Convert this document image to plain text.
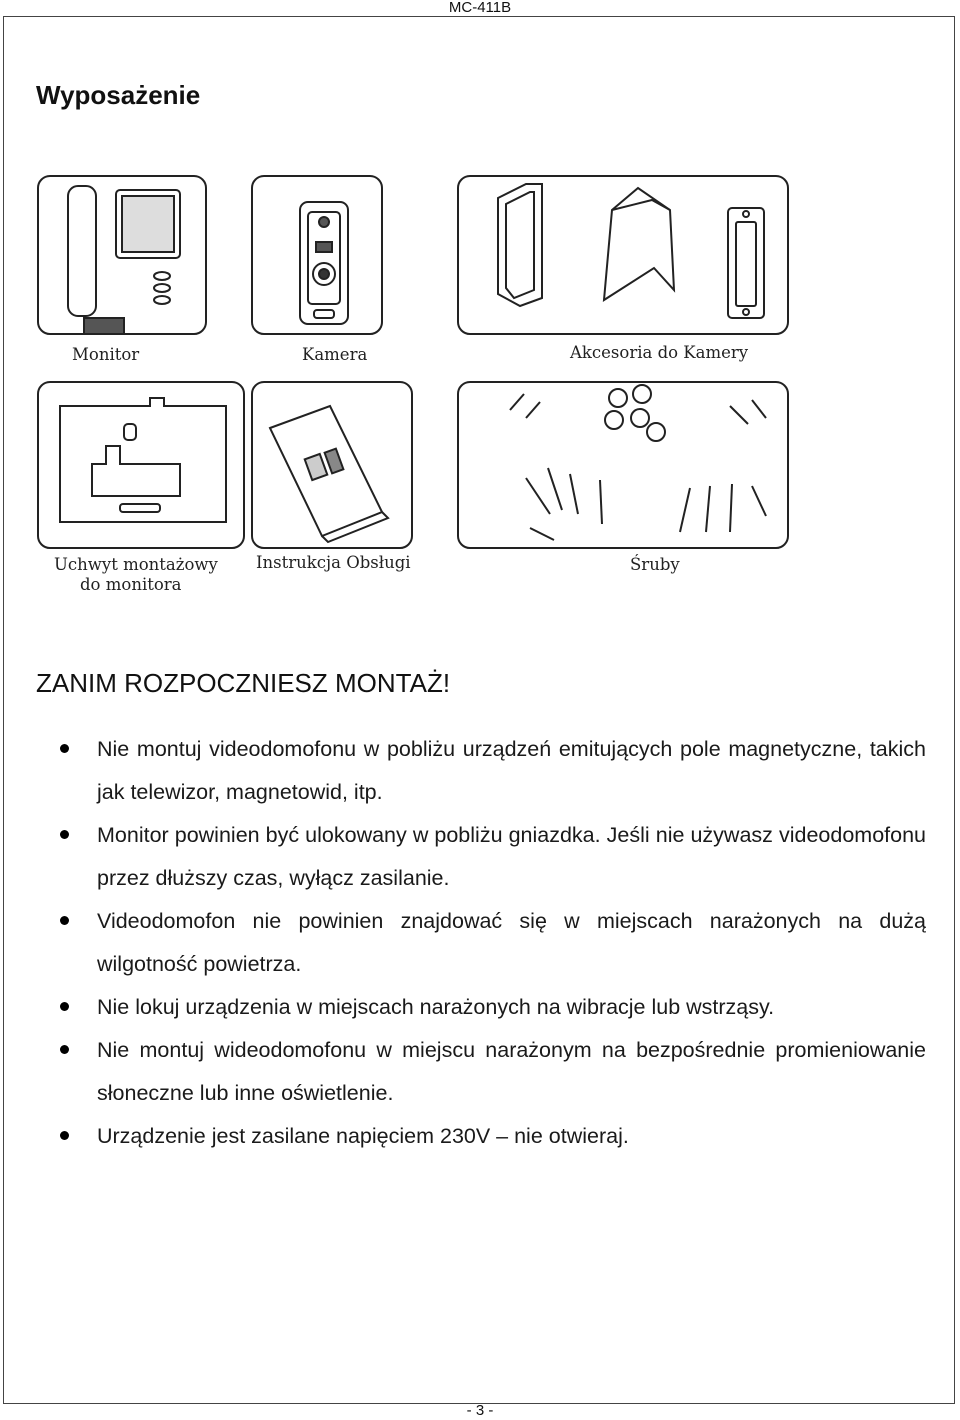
MC-411B
Wyposażenie
Monitor	Kamera	Akcesoria do Kamery
Uchwyt montażowy
do monitora
Instrukcja Obsługi	Śruby
ZANIM ROZPOCZNIESZ MONTAŻ!
Nie montuj videodomofonu w pobliżu urządzeń emitujących pole magnetyczne, takich jak telewizor, magnetowid, itp.
Monitor powinien być ulokowany w pobliżu gniazdka. Jeśli nie używasz videodomofonu przez dłuższy czas, wyłącz zasilanie.
Videodomofon nie powinien znajdować się w miejscach narażonych na dużą wilgotność powietrza.
Nie lokuj urządzenia w miejscach narażonych na wibracje lub wstrząsy.
Nie montuj wideodomofonu w miejscu narażonym na bezpośrednie promieniowanie słoneczne lub inne oświetlenie.
Urządzenie jest zasilane napięciem 230V – nie otwieraj.
- 3 -
